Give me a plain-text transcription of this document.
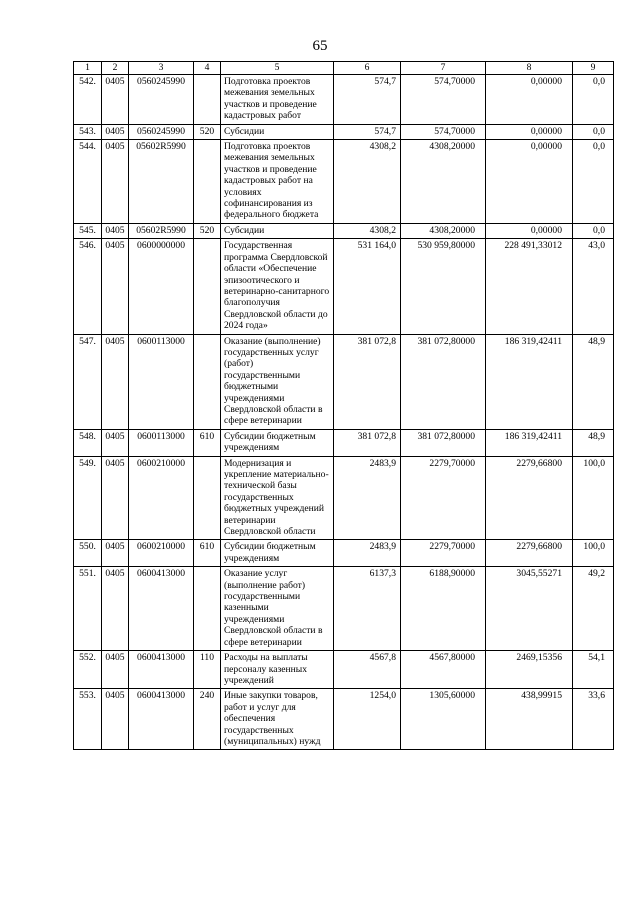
65
1	2	3	4	5	6	7	8	9
542.	0405	0560245990		Подготовка проектов межевания земельных участков и проведение кадастровых работ	574,7	574,70000	0,00000	0,0
543.	0405	0560245990	520	Субсидии	574,7	574,70000	0,00000	0,0
544.	0405	05602R5990		Подготовка проектов межевания земельных участков и проведение кадастровых работ на условиях софинансирования из федерального бюджета	4308,2	4308,20000	0,00000	0,0
545.	0405	05602R5990	520	Субсидии	4308,2	4308,20000	0,00000	0,0
546.	0405	0600000000		Государственная программа Свердловской области «Обеспечение эпизоотического и ветеринарно-санитарного благополучия Свердловской области до 2024 года»	531 164,0	530 959,80000	228 491,33012	43,0
547.	0405	0600113000		Оказание (выполнение) государственных услуг (работ) государственными бюджетными учреждениями Свердловской области в сфере ветеринарии	381 072,8	381 072,80000	186 319,42411	48,9
548.	0405	0600113000	610	Субсидии бюджетным учреждениям	381 072,8	381 072,80000	186 319,42411	48,9
549.	0405	0600210000		Модернизация и укрепление материально-технической базы государственных бюджетных учреждений ветеринарии Свердловской области	2483,9	2279,70000	2279,66800	100,0
550.	0405	0600210000	610	Субсидии бюджетным учреждениям	2483,9	2279,70000	2279,66800	100,0
551.	0405	0600413000		Оказание услуг (выполнение работ) государственными казенными учреждениями Свердловской области в сфере ветеринарии	6137,3	6188,90000	3045,55271	49,2
552.	0405	0600413000	110	Расходы на выплаты персоналу казенных учреждений	4567,8	4567,80000	2469,15356	54,1
553.	0405	0600413000	240	Иные закупки товаров, работ и услуг для обеспечения государственных (муниципальных) нужд	1254,0	1305,60000	438,99915	33,6
